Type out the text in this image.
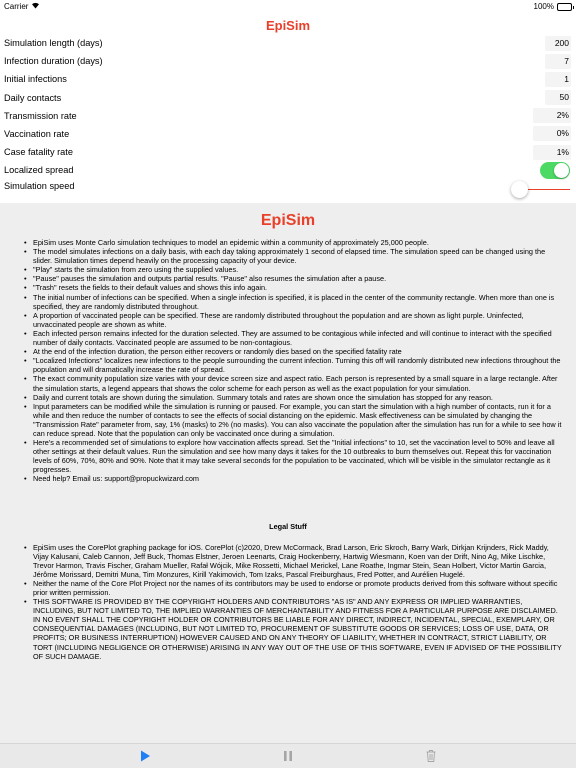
Carrier	100%
EpiSim
Simulation length (days)	200
Infection duration (days)	7
Initial infections	1
Daily contacts	50
Transmission rate	2%
Vaccination rate	0%
Case fatality rate	1%
Localized spread
Simulation speed
EpiSim
• EpiSim uses Monte Carlo simulation techniques to model an epidemic within a community of approximately 25,000 people.
• The model simulates infections on a daily basis, with each day taking approximately 1 second of elapsed time. The simulation speed can be changed using the slider. Simulation times depend heavily on the processing capacity of your device.
• "Play" starts the simulation from zero using the supplied values.
• "Pause" pauses the simulation and outputs partial results. "Pause" also resumes the simulation after a pause.
• "Trash" resets the fields to their default values and shows this info again.
• The initial number of infections can be specified. When a single infection is specified, it is placed in the center of the community rectangle. When more than one is specified, they are randomly distributed throughout.
• A proportion of vaccinated people can be specified. These are randomly distributed throughout the population and are shown as light purple. Uninfected, unvaccinated people are shown as white.
• Each infected person remains infected for the duration selected. They are assumed to be contagious while infected and will continue to interact with the specified number of daily contacts. Vaccinated people are assumed to be non-contagious.
• At the end of the infection duration, the person either recovers or randomly dies based on the specified fatality rate
• "Localized Infections" localizes new infections to the people surrounding the current infection. Turning this off will randomly distributed new infections throughout the population and will dramatically increase the rate of spread.
• The exact community population size varies with your device screen size and aspect ratio. Each person is represented by a small square in a large rectangle. After the simulation starts, a legend appears that shows the color scheme for each person as well as the exact population for your simulation.
• Daily and current totals are shown during the simulation. Summary totals and rates are shown once the simulation has stopped for any reason.
• Input parameters can be modified while the simulation is running or paused. For example, you can start the simulation with a high number of contacts, run it for a while and then reduce the number of contacts to see the effects of social distancing on the epidemic. Mask effectiveness can be simulated by changing the "Transmission Rate" parameter from, say, 1% (masks) to 2% (no masks). You can also vaccinate the population after the simulation has run for a while to see how it can reduce spread. Note that the population can only be vaccinated once during a simulation.
• Here's a recommended set of simulations to explore how vaccination affects spread. Set the "Initial infections" to 10, set the vaccination level to 50% and leave all other settings at their default values. Run the simulation and see how many days it takes for the 10 outbreaks to burn themselves out. Repeat this for vaccination levels of 60%, 70%, 80% and 90%. Note that it may take several seconds for the population to be vaccinated, which will be visible in the simulator rectangle as it progresses.
• Need help? Email us: support@propuckwizard.com
Legal Stuff
• EpiSim uses the CorePlot graphing package for iOS. CorePlot (c)2020, Drew McCormack, Brad Larson, Eric Skroch, Barry Wark, Dirkjan Krijnders, Rick Maddy, Vijay Kalusani, Caleb Cannon, Jeff Buck, Thomas Elstner, Jeroen Leenarts, Craig Hockenberry, Hartwig Wiesmann, Koen van der Drift, Nino Ag, Mike Lischke, Trevor Harmon, Travis Fischer, Graham Mueller, Rafał Wójcik, Mike Rossetti, Michael Merickel, Lane Roathe, Ingmar Stein, Sean Holbert, Victor Martin Garcia, Jérôme Morissard, Demitri Muna, Tim Monzures, Kirill Yakimovich, Tom Izaks, Pascal Freiburghaus, Fred Potter, and Aurélien Hugelé.
• Neither the name of the Core Plot Project nor the names of its contributors may be used to endorse or promote products derived from this software without specific prior written permission.
• THIS SOFTWARE IS PROVIDED BY THE COPYRIGHT HOLDERS AND CONTRIBUTORS "AS IS" AND ANY EXPRESS OR IMPLIED WARRANTIES, INCLUDING, BUT NOT LIMITED TO, THE IMPLIED WARRANTIES OF MERCHANTABILITY AND FITNESS FOR A PARTICULAR PURPOSE ARE DISCLAIMED. IN NO EVENT SHALL THE COPYRIGHT HOLDER OR CONTRIBUTORS BE LIABLE FOR ANY DIRECT, INDIRECT, INCIDENTAL, SPECIAL, EXEMPLARY, OR CONSEQUENTIAL DAMAGES (INCLUDING, BUT NOT LIMITED TO, PROCUREMENT OF SUBSTITUTE GOODS OR SERVICES; LOSS OF USE, DATA, OR PROFITS; OR BUSINESS INTERRUPTION) HOWEVER CAUSED AND ON ANY THEORY OF LIABILITY, WHETHER IN CONTRACT, STRICT LIABILITY, OR TORT (INCLUDING NEGLIGENCE OR OTHERWISE) ARISING IN ANY WAY OUT OF THE USE OF THIS SOFTWARE, EVEN IF ADVISED OF THE POSSIBILITY OF SUCH DAMAGE.
